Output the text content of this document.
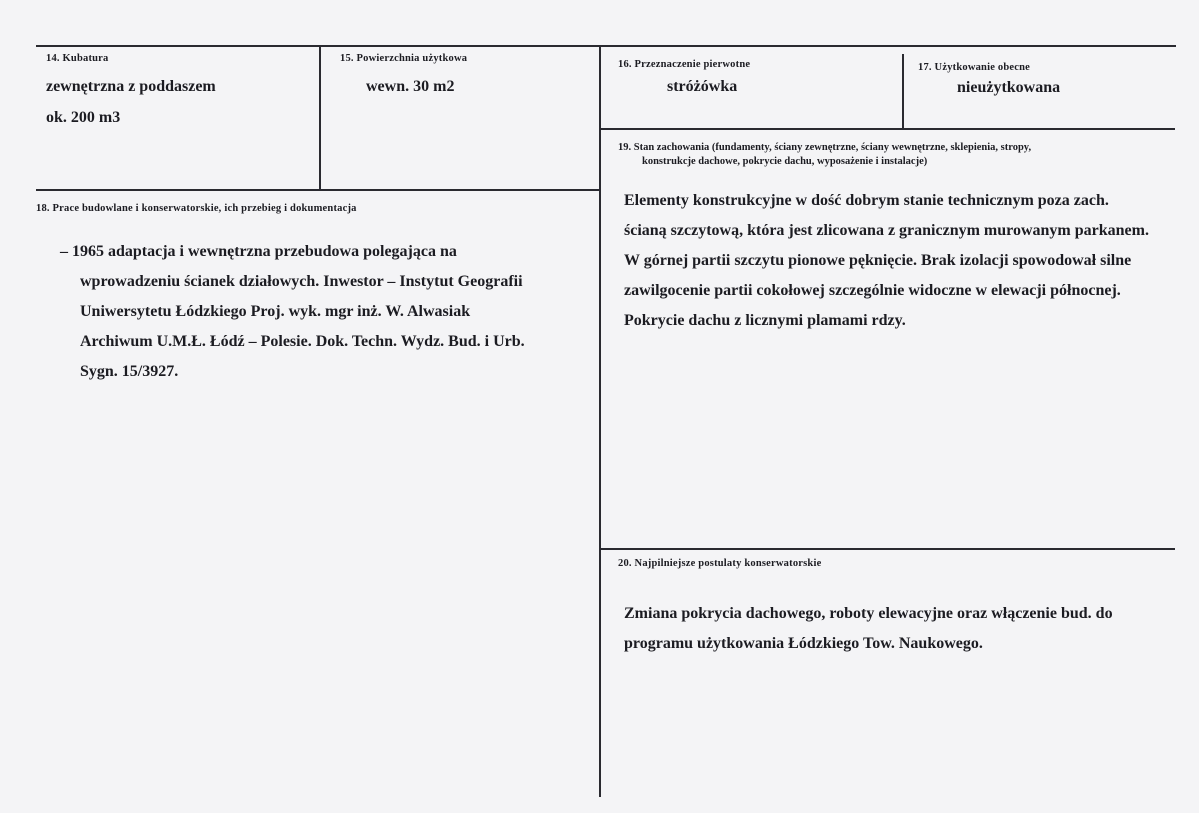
14. Kubatura
zewnętrzna z poddaszem
ok. 200 m3
15. Powierzchnia użytkowa
wewn. 30 m2
16. Przeznaczenie pierwotne
stróżówka
17. Użytkowanie obecne
nieużytkowana
18. Prace budowlane i konserwatorskie, ich przebieg i dokumentacja

– 1965 adaptacja i wewnętrzna przebudowa polegająca na

wprowadzeniu ścianek działowych. Inwestor – Instytut Geografii

Uniwersytetu Łódzkiego Proj. wyk. mgr inż. W. Alwasiak

Archiwum U.M.Ł. Łódź – Polesie. Dok. Techn. Wydz. Bud. i Urb.

Sygn. 15/3927.

19. Stan zachowania (fundamenty, ściany zewnętrzne, ściany wewnętrzne, sklepienia, stropy,
konstrukcje dachowe, pokrycie dachu, wyposażenie i instalacje)

Elementy konstrukcyjne w dość dobrym stanie technicznym poza zach.

ścianą szczytową, która jest zlicowana z granicznym murowanym parkanem.

W górnej partii szczytu pionowe pęknięcie. Brak izolacji spowodował silne

zawilgocenie partii cokołowej szczególnie widoczne w elewacji północnej.

Pokrycie dachu z licznymi plamami rdzy.

20. Najpilniejsze postulaty konserwatorskie

Zmiana pokrycia dachowego, roboty elewacyjne oraz włączenie bud. do

programu użytkowania Łódzkiego Tow. Naukowego.
